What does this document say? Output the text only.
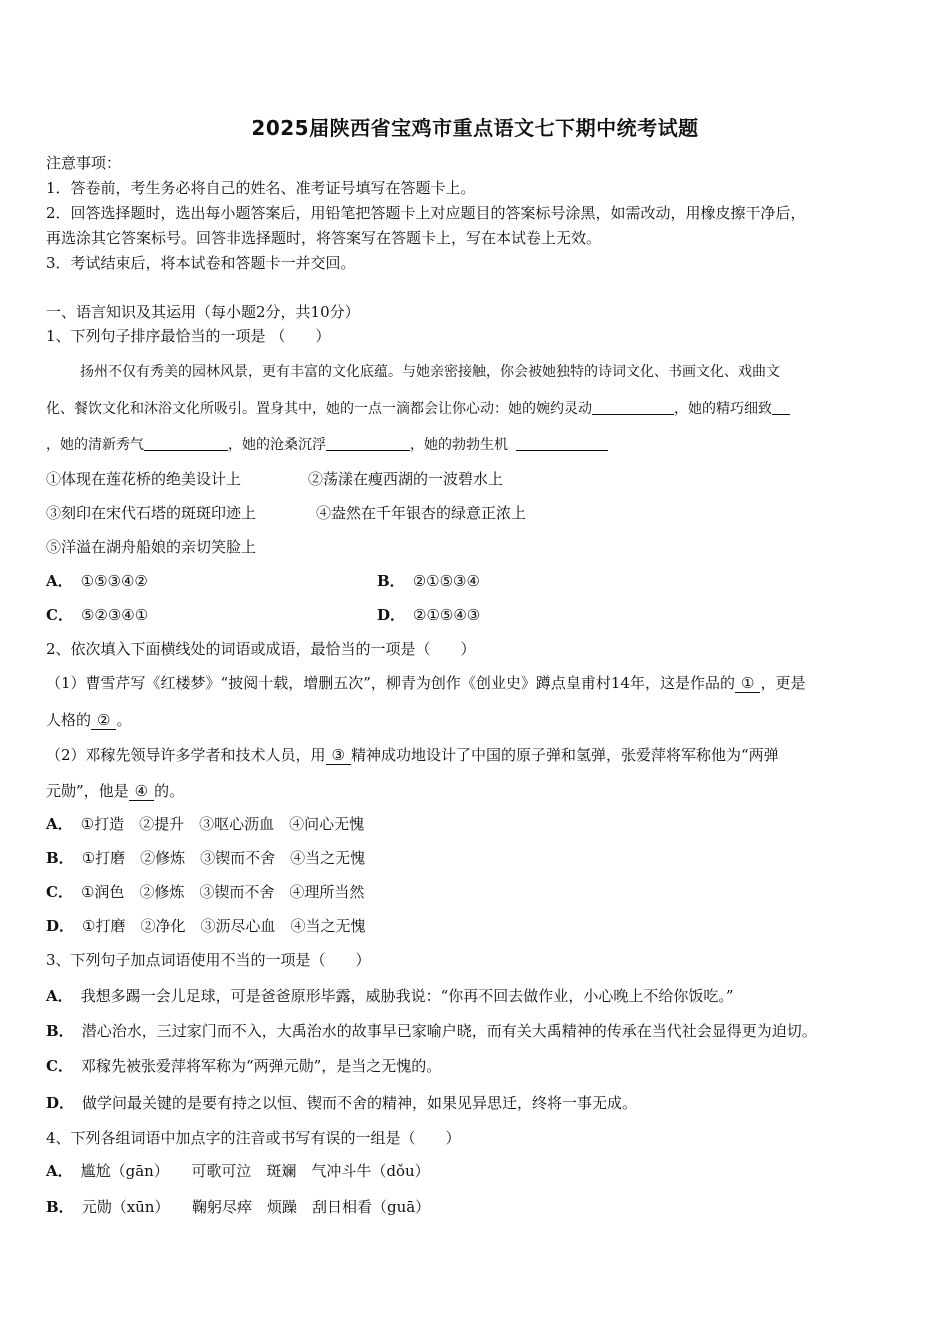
2025届陕西省宝鸡市重点语文七下期中统考试题
注意事项：
1．答卷前，考生务必将自己的姓名、准考证号填写在答题卡上。
2．回答选择题时，选出每小题答案后，用铅笔把答题卡上对应题目的答案标号涂黑，如需改动，用橡皮擦干净后，
再选涂其它答案标号。回答非选择题时，将答案写在答题卡上，写在本试卷上无效。
3．考试结束后，将本试卷和答题卡一并交回。
一、语言知识及其运用（每小题2分，共10分）
1、下列句子排序最恰当的一项是 （　　）
扬州不仅有秀美的园林风景，更有丰富的文化底蕴。与她亲密接触，你会被她独特的诗词文化、书画文化、戏曲文
化、餐饮文化和沐浴文化所吸引。置身其中，她的一点一滴都会让你心动：她的婉约灵动	，她的精巧细致
，她的清新秀气	，她的沧桑沉浮	，她的勃勃生机
①体现在莲花桥的绝美设计上	②荡漾在瘦西湖的一波碧水上
③刻印在宋代石塔的斑斑印迹上	④盎然在千年银杏的绿意正浓上
⑤洋溢在湖舟船娘的亲切笑脸上
A． ①⑤③④②	B． ②①⑤③④
C． ⑤②③④①	D． ②①⑤④③
2、依次填入下面横线处的词语或成语，最恰当的一项是（　　）
（1）曹雪芹写《红楼梦》“披阅十载，增删五次”，柳青为创作《创业史》蹲点皇甫村14年，这是作品的 ① ，更是
人格的 ② 。
（2）邓稼先领导许多学者和技术人员，用 ③ 精神成功地设计了中国的原子弹和氢弹，张爱萍将军称他为“两弹
元勋”，他是 ④ 的。
A． ①打造　②提升　③呕心沥血　④问心无愧
B． ①打磨　②修炼　③锲而不舍　④当之无愧
C． ①润色　②修炼　③锲而不舍　④理所当然
D． ①打磨　②净化　③沥尽心血　④当之无愧
3、下列句子加点词语使用不当的一项是（　　）
A． 我想多踢一会儿足球，可是爸爸原形毕露，威胁我说：“你再不回去做作业，小心晚上不给你饭吃。”
B． 潜心治水，三过家门而不入，大禹治水的故事早已家喻户晓，而有关大禹精神的传承在当代社会显得更为迫切。
C． 邓稼先被张爱萍将军称为“两弹元勋”，是当之无愧的。
D． 做学问最关键的是要有持之以恒、锲而不舍的精神，如果见异思迁，终将一事无成。
4、下列各组词语中加点字的注音或书写有误的一组是（　　）
A． 尴尬（gān）　　可歌可泣　斑斓　气冲斗牛（dǒu）
B． 元勋（xūn）　　鞠躬尽瘁　烦躁　刮日相看（guā）
